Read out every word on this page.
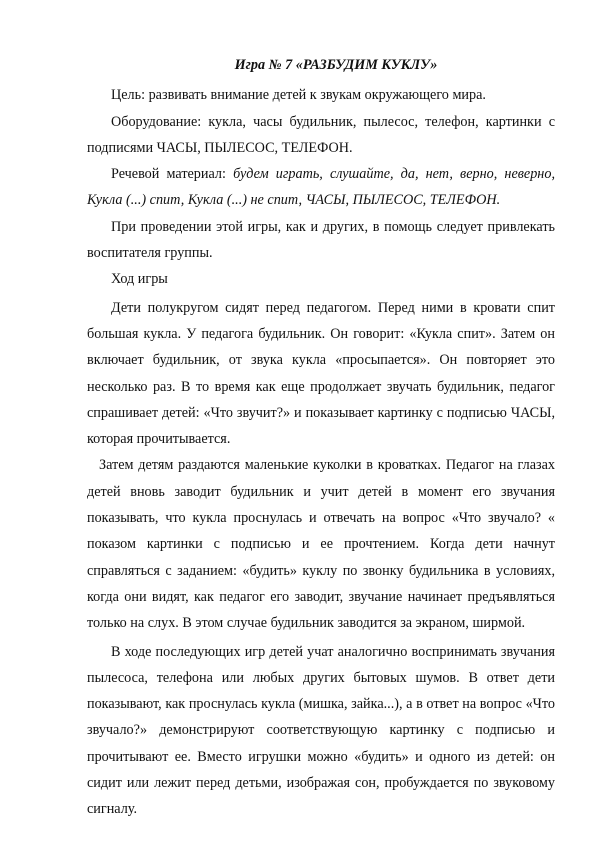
Игра № 7 «РАЗБУДИМ КУКЛУ»

Цель: развивать внимание детей к звукам окружающего мира.

Оборудование: кукла, часы будильник, пылесос, телефон, картинки с подписями ЧАСЫ, ПЫЛЕСОС, ТЕЛЕФОН.

Речевой материал: будем играть, слушайте, да, нет, верно, неверно, Кукла (...) спит, Кукла (...) не спит, ЧАСЫ, ПЫЛЕСОС, ТЕЛЕФОН.

При проведении этой игры, как и других, в помощь следует привлекать воспитателя группы.

Ход игры

Дети полукругом сидят перед педагогом. Перед ними в кровати спит большая кукла. У педагога будильник. Он говорит: «Кукла спит». Затем он включает будильник, от звука кукла «просыпается». Он повторяет это несколько раз. В то время как еще продолжает звучать будильник, педагог спрашивает детей: «Что звучит?» и показывает картинку с подписью ЧАСЫ, которая прочитывается.

Затем детям раздаются маленькие куколки в кроватках. Педагог на глазах детей вновь заводит будильник и учит детей в момент его звучания показывать, что кукла проснулась и отвечать на вопрос «Что звучало? « показом картинки с подписью и ее прочтением. Когда дети начнут справляться с заданием: «будить» куклу по звонку будильника в условиях, когда они видят, как педагог его заводит, звучание начинает предъявляться только на слух. В этом случае будильник заводится за экраном, ширмой.

В ходе последующих игр детей учат аналогично воспринимать звучания пылесоса, телефона или любых других бытовых шумов. В ответ дети показывают, как проснулась кукла (мишка, зайка...), а в ответ на вопрос «Что звучало?» демонстрируют соответствующую картинку с подписью и прочитывают ее. Вместо игрушки можно «будить» и одного из детей: он сидит или лежит перед детьми, изображая сон, пробуждается по звуковому сигналу.
